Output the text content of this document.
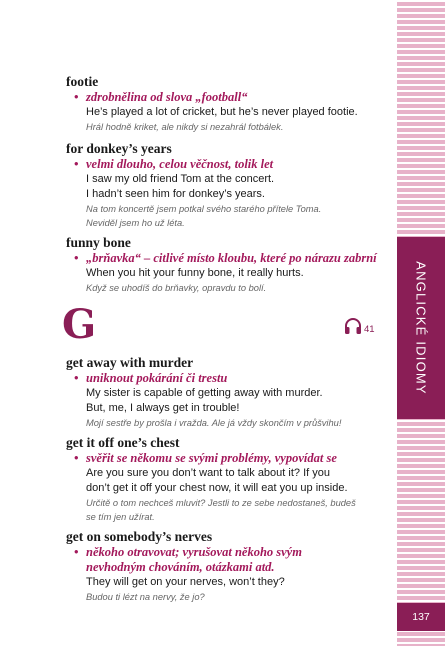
ANGLICKÉ IDIOMY
137
footie
• zdrobnělina od slova „football“
He’s played a lot of cricket, but he’s never played footie.
Hrál hodně kriket, ale nikdy si nezahrál fotbálek.
for donkey’s years
• velmi dlouho, celou věčnost, tolik let
I saw my old friend Tom at the concert.
I hadn’t seen him for donkey’s years.
Na tom koncertě jsem potkal svého starého přítele Toma.
Neviděl jsem ho už léta.
funny bone
• „brňavka“ – citlivé místo kloubu, které po nárazu zabrní
When you hit your funny bone, it really hurts.
Když se uhodíš do brňavky, opravdu to bolí.
G	41
get away with murder
• uniknout pokárání či trestu
My sister is capable of getting away with murder.
But, me, I always get in trouble!
Mojí sestře by prošla i vražda. Ale já vždy skončím v průšvihu!
get it off one’s chest
• svěřit se někomu se svými problémy, vypovídat se
Are you sure you don’t want to talk about it? If you
don’t get it off your chest now, it will eat you up inside.
Určitě o tom nechceš mluvit? Jestli to ze sebe nedostaneš, budeš
se tím jen užírat.
get on somebody’s nerves
• někoho otravovat; vyrušovat někoho svým
nevhodným chováním, otázkami atd.
They will get on your nerves, won’t they?
Budou ti lézt na nervy, že jo?
